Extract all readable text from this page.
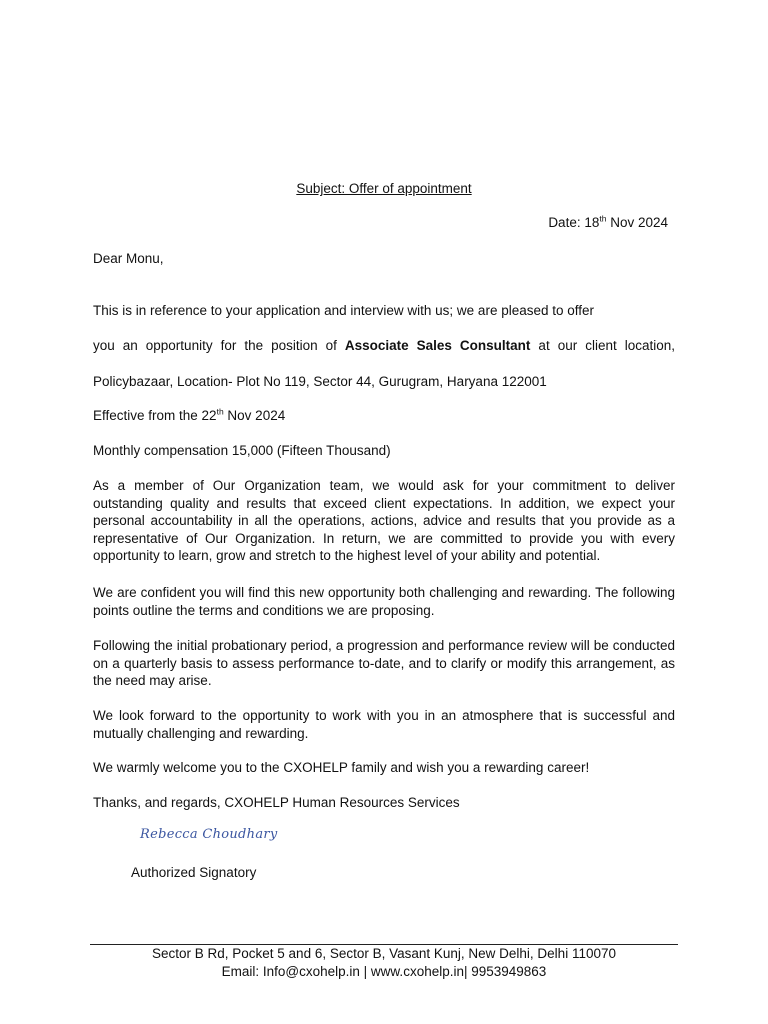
Subject: Offer of appointment
Date: 18th Nov 2024
Dear Monu,
This is in reference to your application and interview with us; we are pleased to offer
you an opportunity for the position of Associate Sales Consultant at our client location,
Policybazaar, Location- Plot No 119, Sector 44, Gurugram, Haryana 122001
Effective from the 22th Nov 2024
Monthly compensation 15,000 (Fifteen Thousand)
As a member of Our Organization team, we would ask for your commitment to deliver outstanding quality and results that exceed client expectations. In addition, we expect your personal accountability in all the operations, actions, advice and results that you provide as a representative of Our Organization. In return, we are committed to provide you with every opportunity to learn, grow and stretch to the highest level of your ability and potential.
We are confident you will find this new opportunity both challenging and rewarding. The following points outline the terms and conditions we are proposing.
Following the initial probationary period, a progression and performance review will be conducted on a quarterly basis to assess performance to-date, and to clarify or modify this arrangement, as the need may arise.
We look forward to the opportunity to work with you in an atmosphere that is successful and mutually challenging and rewarding.
We warmly welcome you to the CXOHELP family and wish you a rewarding career!
Thanks, and regards, CXOHELP Human Resources Services
Rebecca Choudhary
Authorized Signatory
Sector B Rd, Pocket 5 and 6, Sector B, Vasant Kunj, New Delhi, Delhi 110070
Email: Info@cxohelp.in | www.cxohelp.in| 9953949863
